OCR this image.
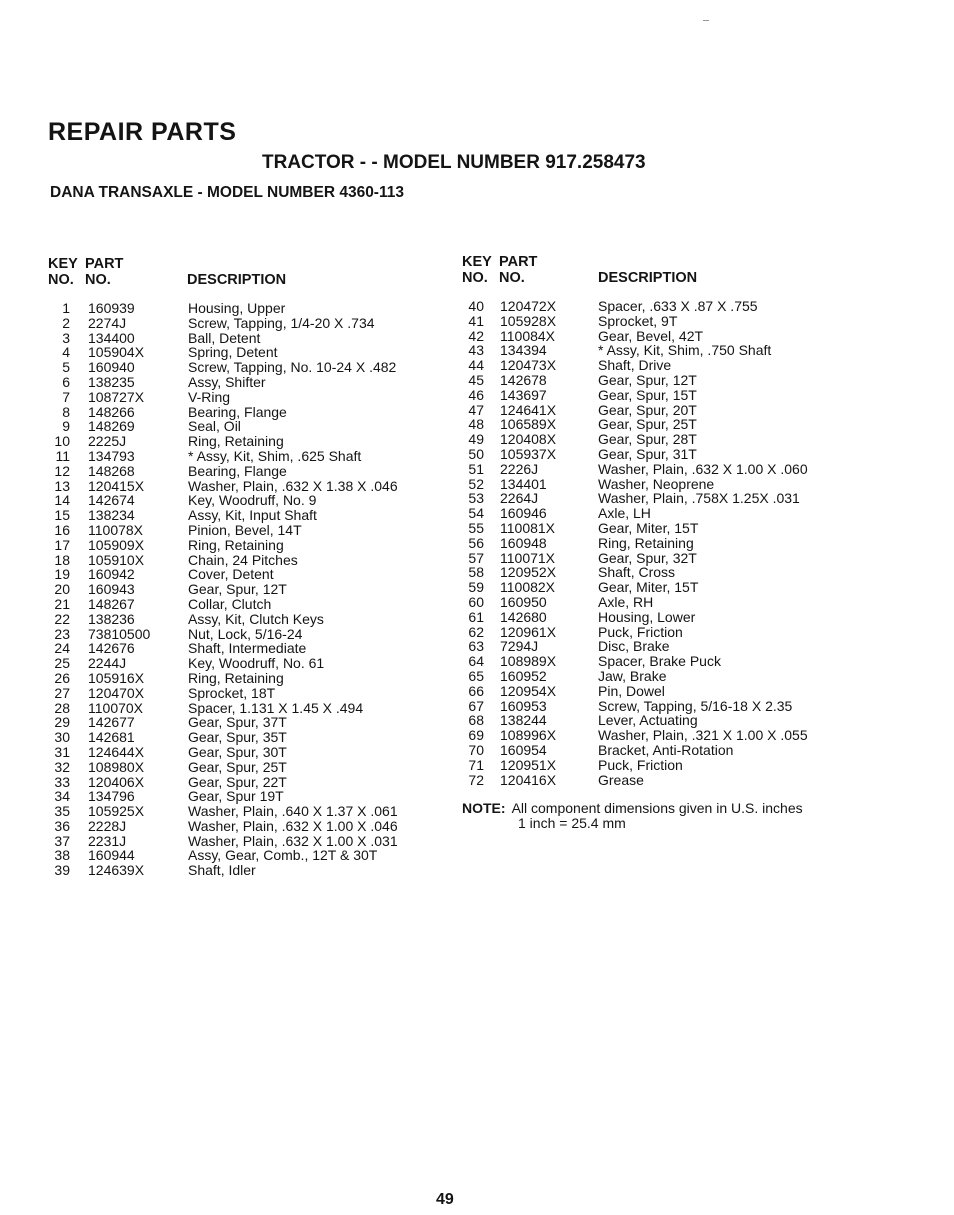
REPAIR PARTS
TRACTOR - - MODEL NUMBER 917.258473
DANA TRANSAXLE - MODEL NUMBER 4360-113
KEY
NO.
PART
NO.	DESCRIPTION
1 160939	Housing, Upper
2 2274J	Screw, Tapping, 1/4-20 X .734
3 134400	Ball, Detent
4 105904X	Spring, Detent
5 160940	Screw, Tapping, No. 10-24 X .482
6 138235	Assy, Shifter
7 108727X	V-Ring
8 148266	Bearing, Flange
9 148269	Seal, Oil
10 2225J	Ring, Retaining
11 134793	* Assy, Kit, Shim, .625 Shaft
12 148268	Bearing, Flange
13 120415X	Washer, Plain, .632 X 1.38 X .046
14 142674	Key, Woodruff, No. 9
15 138234	Assy, Kit, Input Shaft
16 110078X	Pinion, Bevel, 14T
17 105909X	Ring, Retaining
18 105910X	Chain, 24 Pitches
19 160942	Cover, Detent
20 160943	Gear, Spur, 12T
21 148267	Collar, Clutch
22 138236	Assy, Kit, Clutch Keys
23 73810500	Nut, Lock, 5/16-24
24 142676	Shaft, Intermediate
25 2244J	Key, Woodruff, No. 61
26 105916X	Ring, Retaining
27 120470X	Sprocket, 18T
28 110070X	Spacer, 1.131 X 1.45 X .494
29 142677	Gear, Spur, 37T
30 142681	Gear, Spur, 35T
31 124644X	Gear, Spur, 30T
32 108980X	Gear, Spur, 25T
33 120406X	Gear, Spur, 22T
34 134796	Gear, Spur 19T
35 105925X	Washer, Plain, .640 X 1.37 X .061
36 2228J	Washer, Plain, .632 X 1.00 X .046
37 2231J	Washer, Plain, .632 X 1.00 X .031
38 160944	Assy, Gear, Comb., 12T & 30T
39 124639X	Shaft, Idler
KEY
NO.
PART
NO.	DESCRIPTION
40 120472X	Spacer, .633 X .87 X .755
41 105928X	Sprocket, 9T
42 110084X	Gear, Bevel, 42T
43 134394	* Assy, Kit, Shim, .750 Shaft
44 120473X	Shaft, Drive
45 142678	Gear, Spur, 12T
46 143697	Gear, Spur, 15T
47 124641X	Gear, Spur, 20T
48 106589X	Gear, Spur, 25T
49 120408X	Gear, Spur, 28T
50 105937X	Gear, Spur, 31T
51 2226J	Washer, Plain, .632 X 1.00 X .060
52 134401	Washer, Neoprene
53 2264J	Washer, Plain, .758X 1.25X .031
54 160946	Axle, LH
55 110081X	Gear, Miter, 15T
56 160948	Ring, Retaining
57 110071X	Gear, Spur, 32T
58 120952X	Shaft, Cross
59 110082X	Gear, Miter, 15T
60 160950	Axle, RH
61 142680	Housing, Lower
62 120961X	Puck, Friction
63 7294J	Disc, Brake
64 108989X	Spacer, Brake Puck
65 160952	Jaw, Brake
66 120954X	Pin, Dowel
67 160953	Screw, Tapping, 5/16-18 X 2.35
68 138244	Lever, Actuating
69 108996X	Washer, Plain, .321 X 1.00 X .055
70 160954	Bracket, Anti-Rotation
71 120951X	Puck, Friction
72 120416X	Grease
NOTE: All component dimensions given in U.S. inches
1 inch = 25.4 mm
49
